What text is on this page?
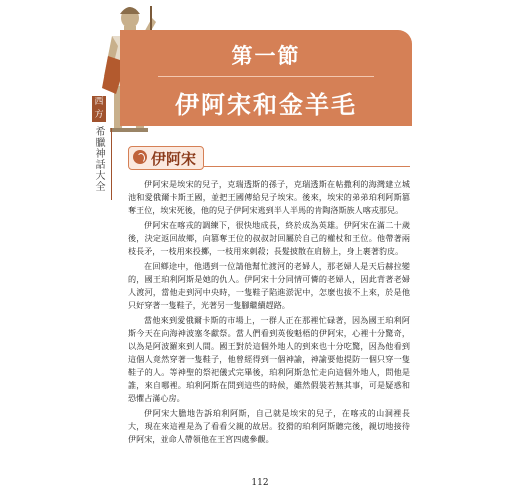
西方
希臘神話大全
第一節
伊阿宋和金羊毛
伊阿宋

伊阿宋是埃宋的兒子，克瑞透斯的孫子，克瑞透斯在帖撒利的海灣建立城池和愛俄爾卡斯王國，並把王國傳給兒子埃宋。後來，埃宋的弟弟珀利阿斯篡奪王位，埃宋死後，他的兒子伊阿宋逃到半人半馬的肯陶洛斯族人喀戎那兒。

伊阿宋在喀戎的調練下，很快地成長，終於成為英雄。伊阿宋在滿二十歲後，決定返回故鄉，向篡奪王位的叔叔討回屬於自己的權杖和王位。他帶著兩枝長矛，一枝用來投擲，一枝用來刺殺；長髮披散在肩膀上，身上裹著豹皮。

在回鄉途中，他遇到一位請他幫忙渡河的老婦人，那老婦人是天后赫拉變的，國王珀利阿斯是她的仇人。伊阿宋十分同情可憐的老婦人，因此背著老婦人渡河，當他走到河中央時，一隻鞋子陷進淤泥中，怎麼也拔不上來，於是他只好穿著一隻鞋子，光著另一隻腳繼續趕路。

當他來到愛俄爾卡斯的市場上，一群人正在那裡忙碌著，因為國王珀利阿斯今天在向海神波塞冬獻祭。當人們看到英俊魁梧的伊阿宋，心裡十分驚奇，以為是阿波羅來到人間。國王對於這個外地人的到來也十分吃驚，因為他看到這個人竟然穿著一隻鞋子，他曾經得到一個神諭，神諭要他提防一個只穿一隻鞋子的人。等神聖的祭祀儀式完畢後，珀利阿斯急忙走向這個外地人，問他是誰，來自哪裡。珀利阿斯在問到這些的時候，雖然假裝若無其事，可是疑惑和恐懼占滿心房。

伊阿宋大膽地告訴珀利阿斯，自己就是埃宋的兒子，在喀戎的山洞裡長大，現在來這裡是為了看看父親的故居。狡猾的珀利阿斯聽完後，親切地接待伊阿宋，並命人帶領他在王宮四處參觀。

112
